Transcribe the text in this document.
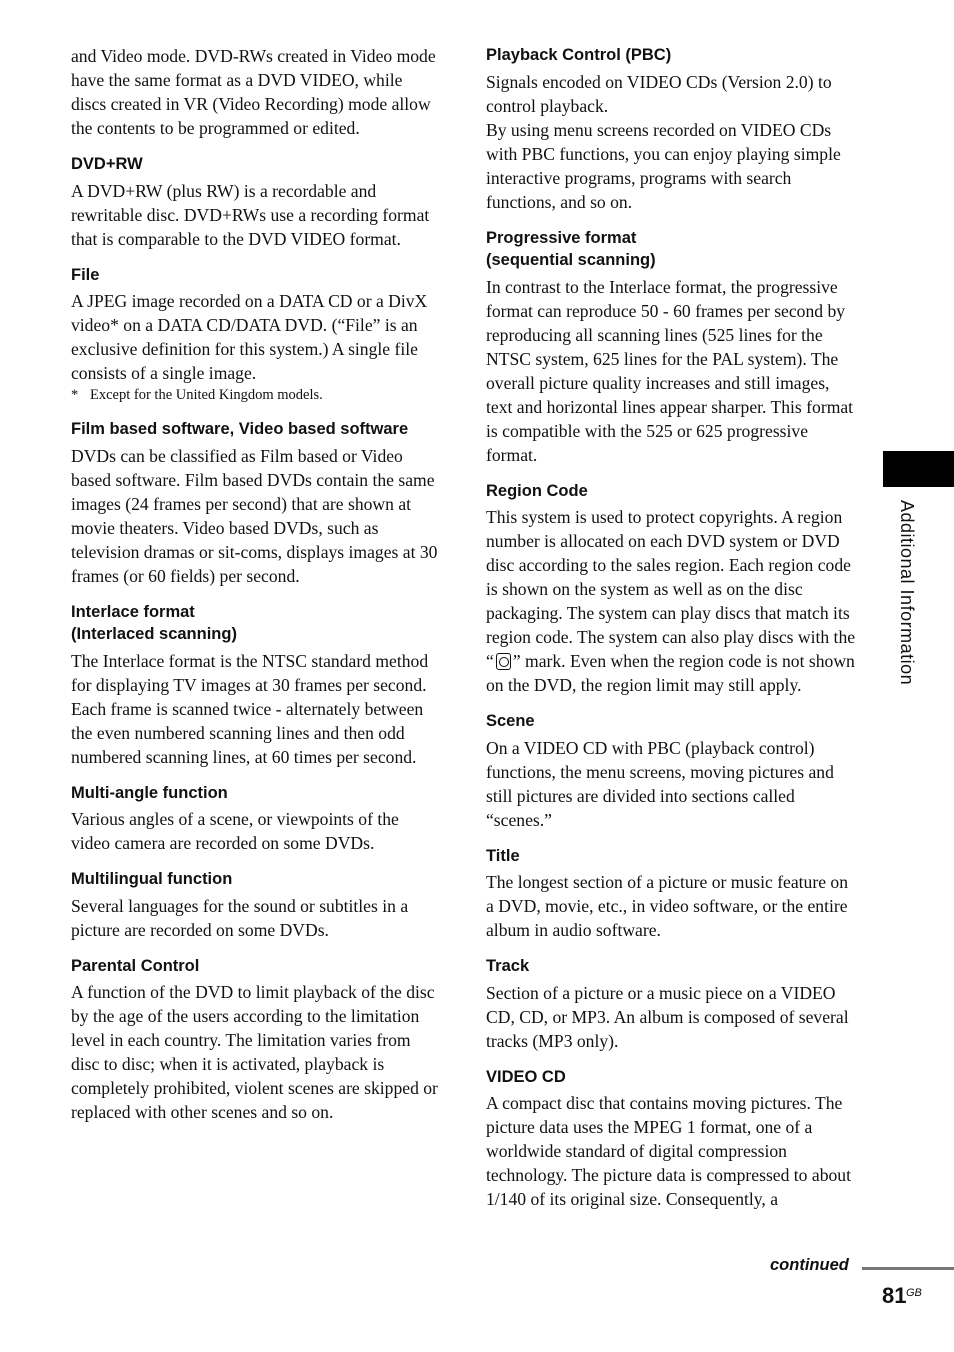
and Video mode. DVD-RWs created in Video mode have the same format as a DVD VIDEO, while discs created in VR (Video Recording) mode allow the contents to be programmed or edited.

DVD+RW

A DVD+RW (plus RW) is a recordable and rewritable disc. DVD+RWs use a recording format that is comparable to the DVD VIDEO format.

File

A JPEG image recorded on a DATA CD or a DivX video* on a DATA CD/DATA DVD. (“File” is an exclusive definition for this system.) A single file consists of a single image.

* Except for the United Kingdom models.

Film based software, Video based software

DVDs can be classified as Film based or Video based software. Film based DVDs contain the same images (24 frames per second) that are shown at movie theaters. Video based DVDs, such as television dramas or sit-coms, displays images at 30 frames (or 60 fields) per second.

Interlace format
(Interlaced scanning)

The Interlace format is the NTSC standard method for displaying TV images at 30 frames per second. Each frame is scanned twice - alternately between the even numbered scanning lines and then odd numbered scanning lines, at 60 times per second.

Multi-angle function

Various angles of a scene, or viewpoints of the video camera are recorded on some DVDs.

Multilingual function

Several languages for the sound or subtitles in a picture are recorded on some DVDs.

Parental Control

A function of the DVD to limit playback of the disc by the age of the users according to the limitation level in each country. The limitation varies from disc to disc; when it is activated, playback is completely prohibited, violent scenes are skipped or replaced with other scenes and so on.

Playback Control (PBC)

Signals encoded on VIDEO CDs (Version 2.0) to control playback.

By using menu screens recorded on VIDEO CDs with PBC functions, you can enjoy playing simple interactive programs, programs with search functions, and so on.

Progressive format
(sequential scanning)

In contrast to the Interlace format, the progressive format can reproduce 50 - 60 frames per second by reproducing all scanning lines (525 lines for the NTSC system, 625 lines for the PAL system). The overall picture quality increases and still images, text and horizontal lines appear sharper. This format is compatible with the 525 or 625 progressive format.

Region Code

This system is used to protect copyrights. A region number is allocated on each DVD system or DVD disc according to the sales region. Each region code is shown on the system as well as on the disc packaging. The system can play discs that match its region code. The system can also play discs with the “ ” mark. Even when the region code is not shown on the DVD, the region limit may still apply.

Scene

On a VIDEO CD with PBC (playback control) functions, the menu screens, moving pictures and still pictures are divided into sections called “scenes.”

Title

The longest section of a picture or music feature on a DVD, movie, etc., in video software, or the entire album in audio software.

Track

Section of a picture or a music piece on a VIDEO CD, CD, or MP3. An album is composed of several tracks (MP3 only).

VIDEO CD

A compact disc that contains moving pictures. The picture data uses the MPEG 1 format, one of a worldwide standard of digital compression technology. The picture data is compressed to about 1/140 of its original size. Consequently, a

Additional Information
continued
81 GB
